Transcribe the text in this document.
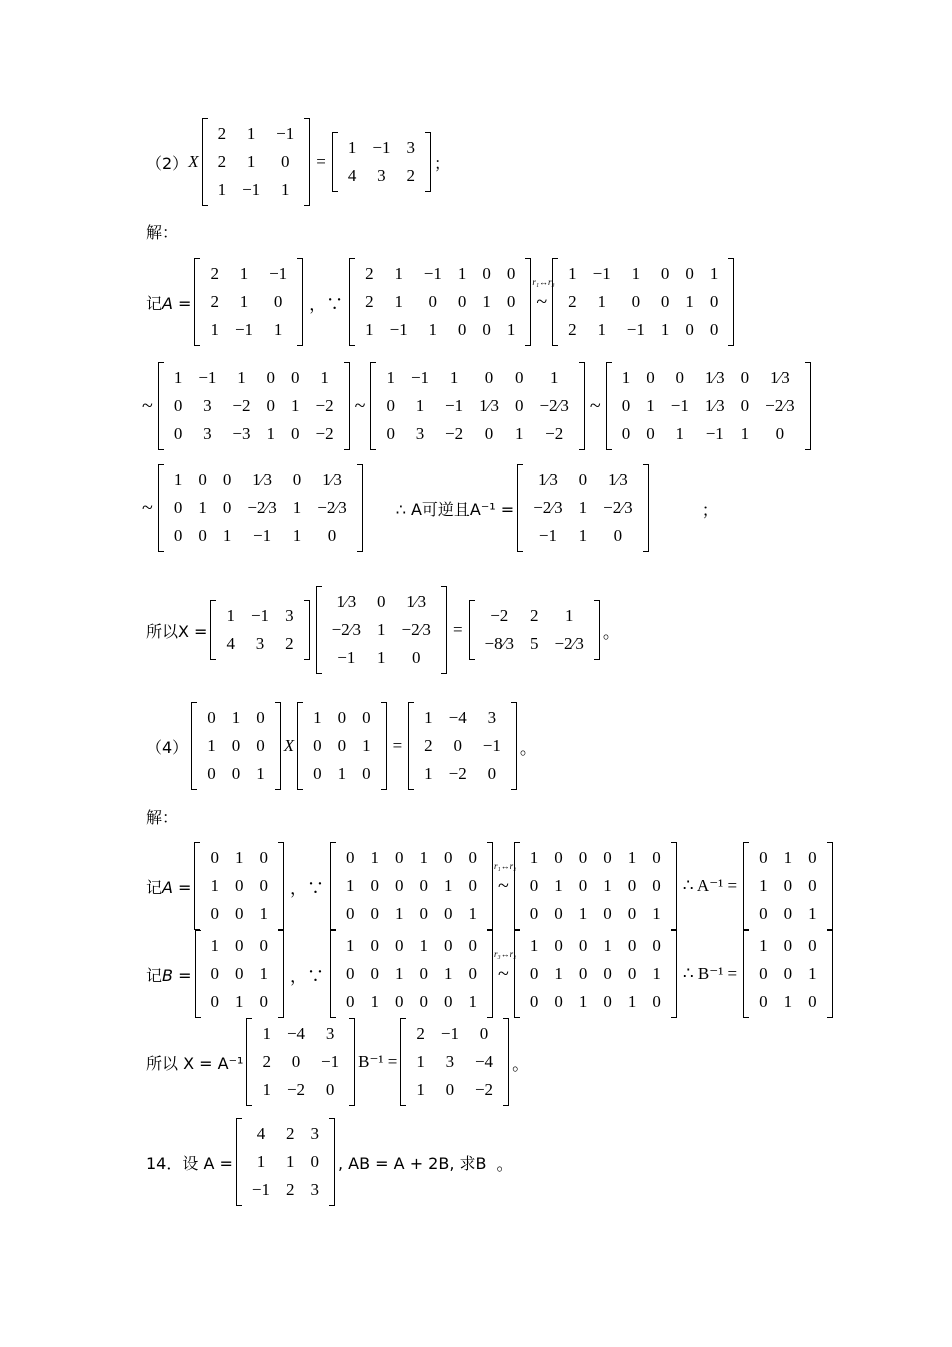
（2） X
2	1	−1
2	1	0
1	−1	1
=
1	−1	3
4	3	2
；
解：
记A =
2	1	−1
2	1	0
1	−1	1
，∵
2	1	−1	1	0	0
2	1	0	0	1	0
1	−1	1	0	0	1
~
r₁↔r₃ 1	−1	1	0	0	1
2	1	0	0	1	0
2	1	−1	1	0	0
~
1	−1	1	0	0	1
0	3	−2	0	1	−2
0	3	−3	1	0	−2
~
1	−1	1	0	0	1
0	1	−1	1⁄3	0	−2⁄3
0	3	−2	0	1	−2
~
1	0	0	1⁄3	0	1⁄3
0	1	−1	1⁄3	0	−2⁄3
0	0	1	−1	1	0
~
1	0	0	1⁄3	0	1⁄3
0	1	0	−2⁄3	1	−2⁄3
0	0	1	−1	1	0
∴ A可逆且A⁻¹ =
1⁄3	0	1⁄3
−2⁄3	1	−2⁄3
−1	1	0
；
所以X =
1	−1	3
4	3	2
1⁄3	0	1⁄3
−2⁄3	1	−2⁄3
−1	1	0
=
−2	2	1
−8⁄3	5	−2⁄3
。
（4）
0	1	0
1	0	0
0	0	1
X
1	0	0
0	0	1
0	1	0
=
1	−4	3
2	0	−1
1	−2	0
。
解：
记A =
0	1	0
1	0	0
0	0	1
，∵
0	1	0	1	0	0
1	0	0	0	1	0
0	0	1	0	0	1
~
r₁↔r₂ 1	0	0	0	1	0
0	1	0	1	0	0
0	0	1	0	0	1
∴ A⁻¹ =
0	1	0
1	0	0
0	0	1
记B =
1	0	0
0	0	1
0	1	0
，∵
1	0	0	1	0	0
0	0	1	0	1	0
0	1	0	0	0	1
~
r₃↔r₂ 1	0	0	1	0	0
0	1	0	0	0	1
0	0	1	0	1	0
∴ B⁻¹ =
1	0	0
0	0	1
0	1	0
所以 X = A⁻¹
1	−4	3
2	0	−1
1	−2	0
B⁻¹ =
2	−1	0
1	3	−4
1	0	−2
。
14．设 A =
4	2	3
1	1	0
−1	2	3
, AB = A + 2B, 求B 。
